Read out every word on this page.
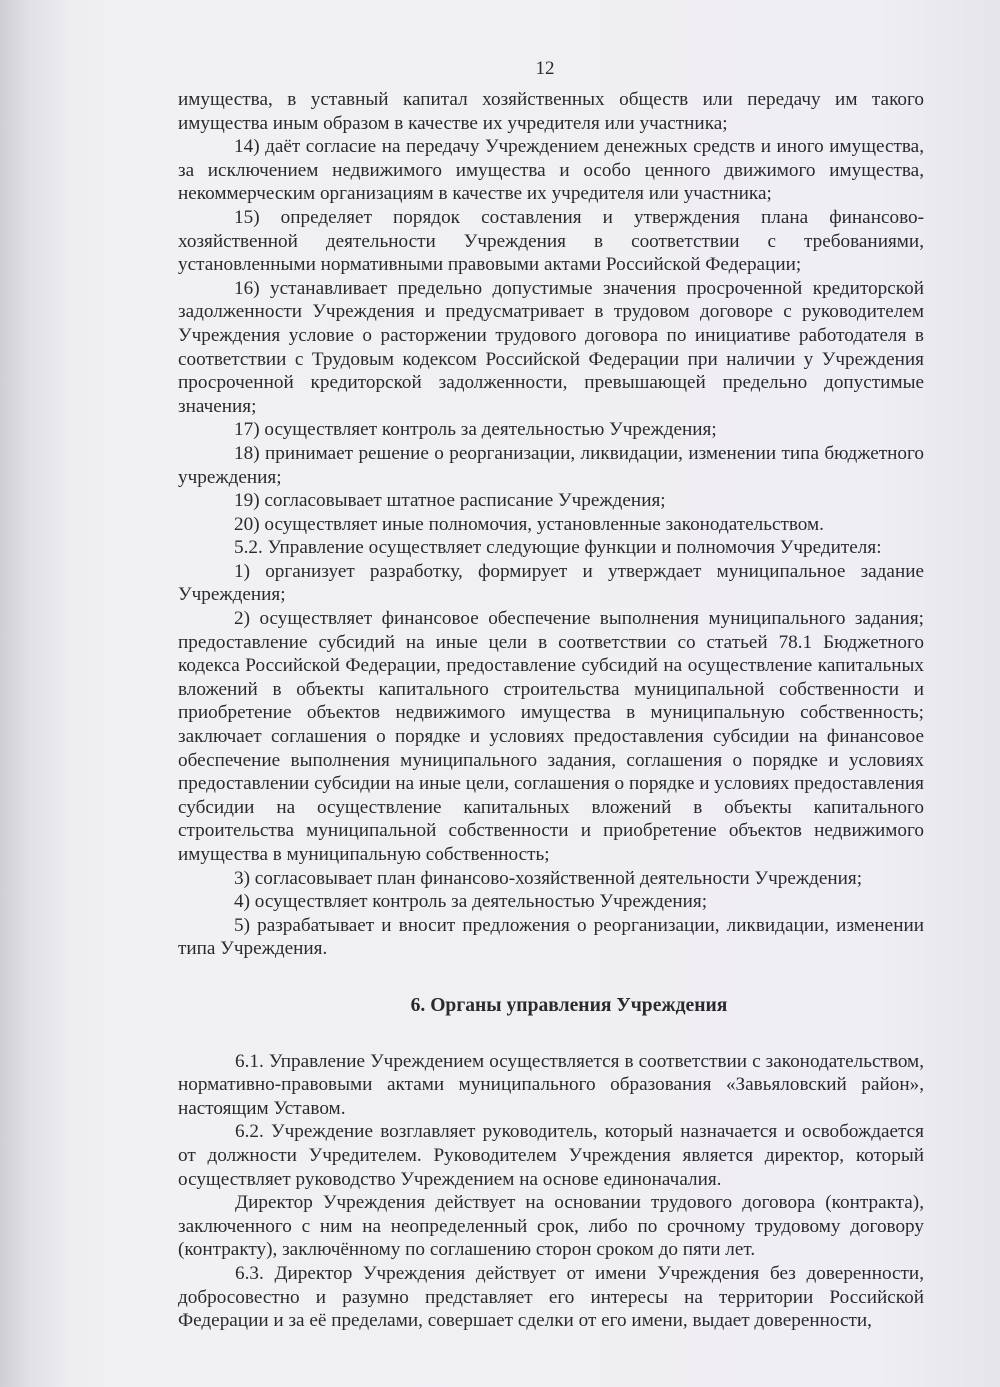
12

имущества, в уставный капитал хозяйственных обществ или передачу им такого имущества иным образом в качестве их учредителя или участника;

14) даёт согласие на передачу Учреждением денежных средств и иного имущества, за исключением недвижимого имущества и особо ценного движимого имущества, некоммерческим организациям в качестве их учредителя или участника;

15) определяет порядок составления и утверждения плана финансово-хозяйственной деятельности Учреждения в соответствии с требованиями, установленными нормативными правовыми актами Российской Федерации;

16) устанавливает предельно допустимые значения просроченной кредиторской задолженности Учреждения и предусматривает в трудовом договоре с руководителем Учреждения условие о расторжении трудового договора по инициативе работодателя в соответствии с Трудовым кодексом Российской Федерации при наличии у Учреждения просроченной кредиторской задолженности, превышающей предельно допустимые значения;

17) осуществляет контроль за деятельностью Учреждения;

18) принимает решение о реорганизации, ликвидации, изменении типа бюджетного учреждения;

19) согласовывает штатное расписание Учреждения;

20) осуществляет иные полномочия, установленные законодательством.

5.2. Управление осуществляет следующие функции и полномочия Учредителя:

1) организует разработку, формирует и утверждает муниципальное задание Учреждения;

2) осуществляет финансовое обеспечение выполнения муниципального задания; предоставление субсидий на иные цели в соответствии со статьей 78.1 Бюджетного кодекса Российской Федерации, предоставление субсидий на осуществление капитальных вложений в объекты капитального строительства муниципальной собственности и приобретение объектов недвижимого имущества в муниципальную собственность; заключает соглашения о порядке и условиях предоставления субсидии на финансовое обеспечение выполнения муниципального задания, соглашения о порядке и условиях предоставлении субсидии на иные цели, соглашения о порядке и условиях предоставления субсидии на осуществление капитальных вложений в объекты капитального строительства муниципальной собственности и приобретение объектов недвижимого имущества в муниципальную собственность;

3) согласовывает план финансово-хозяйственной деятельности Учреждения;

4) осуществляет контроль за деятельностью Учреждения;

5) разрабатывает и вносит предложения о реорганизации, ликвидации, изменении типа Учреждения.

6. Органы управления Учреждения

6.1. Управление Учреждением осуществляется в соответствии с законодательством, нормативно-правовыми актами муниципального образования «Завьяловский район», настоящим Уставом.

6.2. Учреждение возглавляет руководитель, который назначается и освобождается от должности Учредителем. Руководителем Учреждения является директор, который осуществляет руководство Учреждением на основе единоначалия.

Директор Учреждения действует на основании трудового договора (контракта), заключенного с ним на неопределенный срок, либо по срочному трудовому договору (контракту), заключённому по соглашению сторон сроком до пяти лет.

6.3. Директор Учреждения действует от имени Учреждения без доверенности, добросовестно и разумно представляет его интересы на территории Российской Федерации и за её пределами, совершает сделки от его имени, выдает доверенности,
